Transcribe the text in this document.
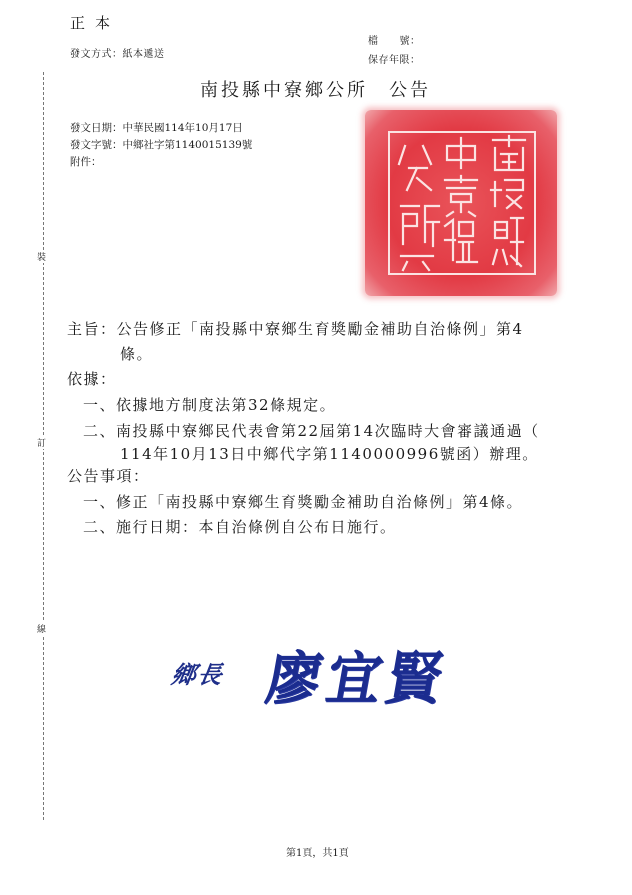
正本
發文方式：紙本遞送
檔　　號：
保存年限：
裝
訂
線
南投縣中寮鄉公所　公告
發文日期：中華民國114年10月17日
發文字號：中鄉社字第1140015139號
附件：
主旨：公告修正「南投縣中寮鄉生育獎勵金補助自治條例」第4
條。
依據：
一、依據地方制度法第32條規定。
二、南投縣中寮鄉民代表會第22屆第14次臨時大會審議通過（
114年10月13日中鄉代字第1140000996號函）辦理。
公告事項：
一、修正「南投縣中寮鄉生育獎勵金補助自治條例」第4條。
二、施行日期：本自治條例自公布日施行。
鄉長 廖宜賢
第1頁，共1頁
